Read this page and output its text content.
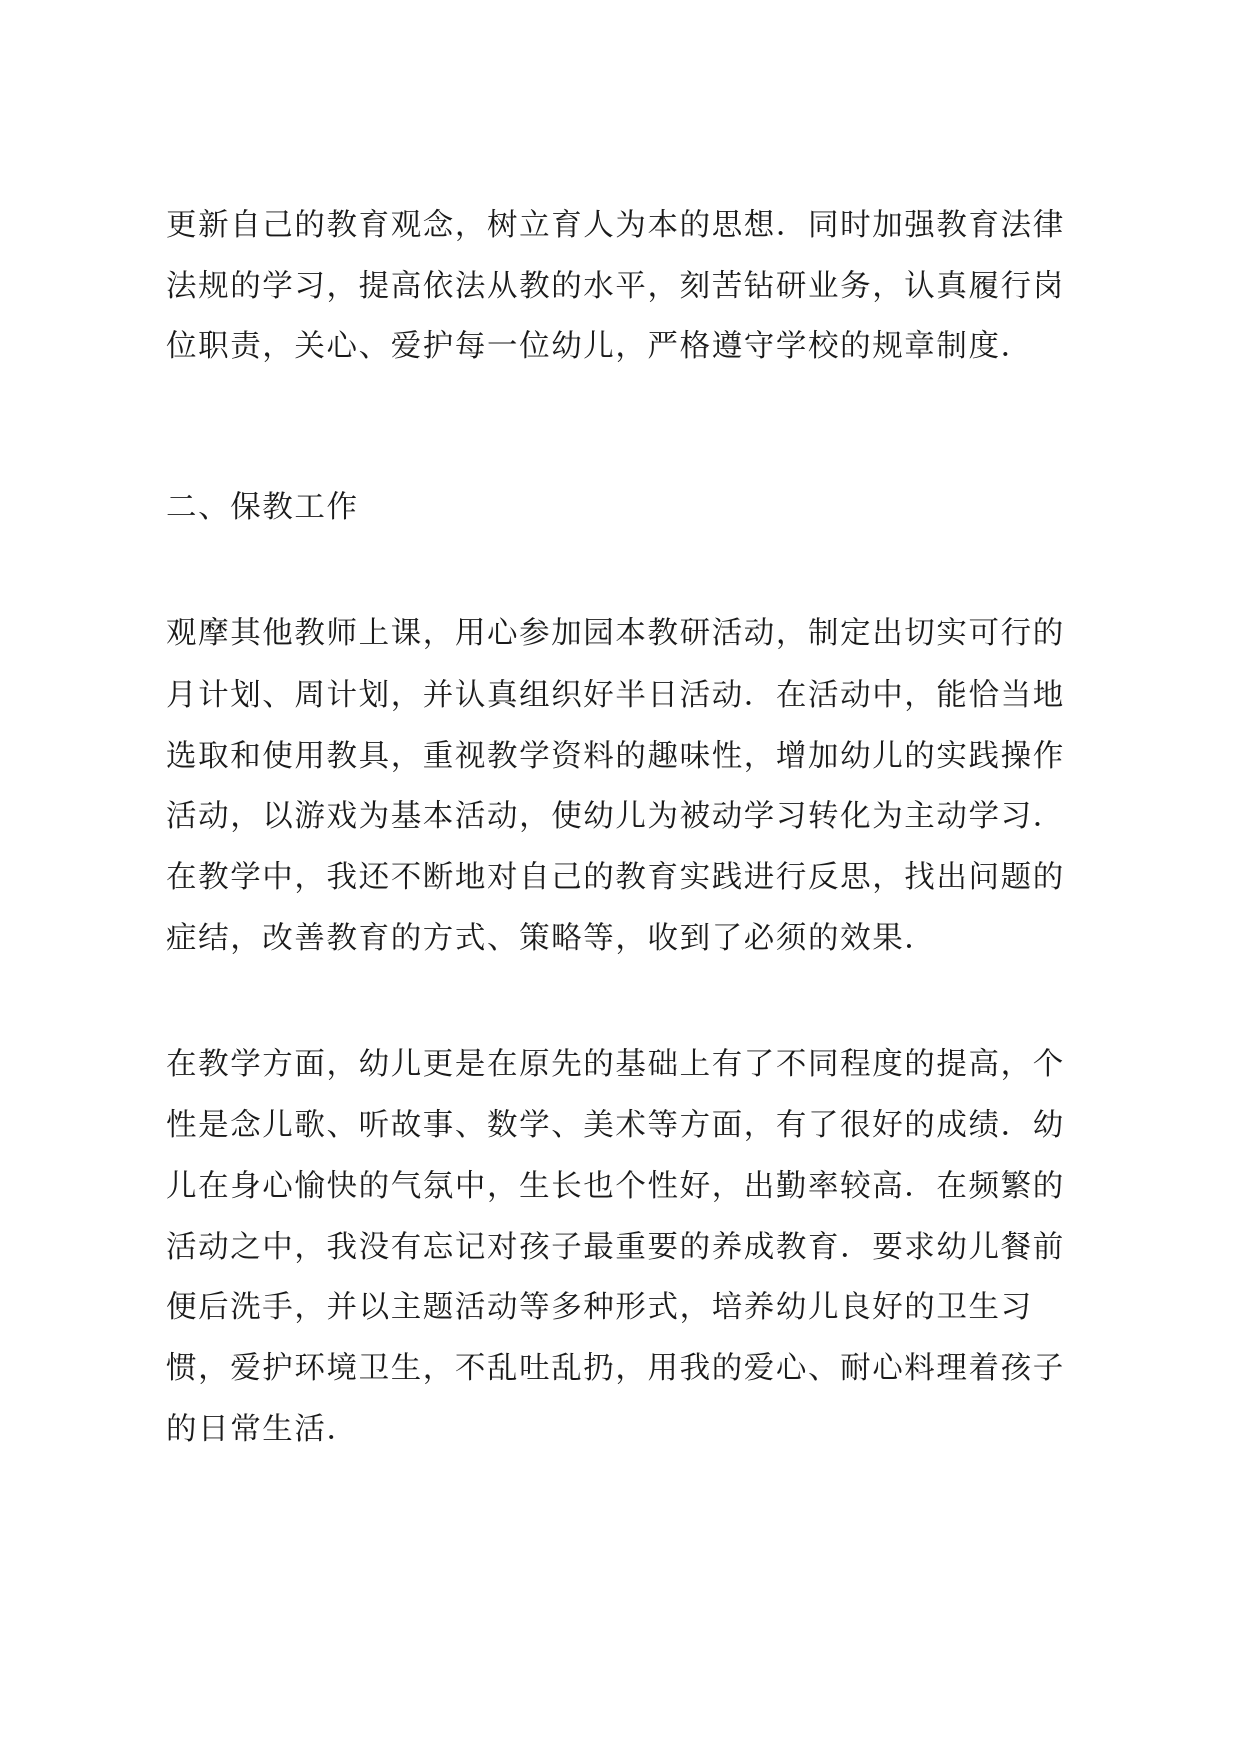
更新自己的教育观念，树立育人为本的思想．同时加强教育法律
法规的学习，提高依法从教的水平，刻苦钻研业务，认真履行岗
位职责，关心、爱护每一位幼儿，严格遵守学校的规章制度．
二、保教工作
观摩其他教师上课，用心参加园本教研活动，制定出切实可行的
月计划、周计划，并认真组织好半日活动．在活动中，能恰当地
选取和使用教具，重视教学资料的趣味性，增加幼儿的实践操作
活动，以游戏为基本活动，使幼儿为被动学习转化为主动学习．
在教学中，我还不断地对自己的教育实践进行反思，找出问题的
症结，改善教育的方式、策略等，收到了必须的效果．
在教学方面，幼儿更是在原先的基础上有了不同程度的提高，个
性是念儿歌、听故事、数学、美术等方面，有了很好的成绩．幼
儿在身心愉快的气氛中，生长也个性好，出勤率较高．在频繁的
活动之中，我没有忘记对孩子最重要的养成教育．要求幼儿餐前
便后洗手，并以主题活动等多种形式，培养幼儿良好的卫生习
惯，爱护环境卫生，不乱吐乱扔，用我的爱心、耐心料理着孩子
的日常生活．
